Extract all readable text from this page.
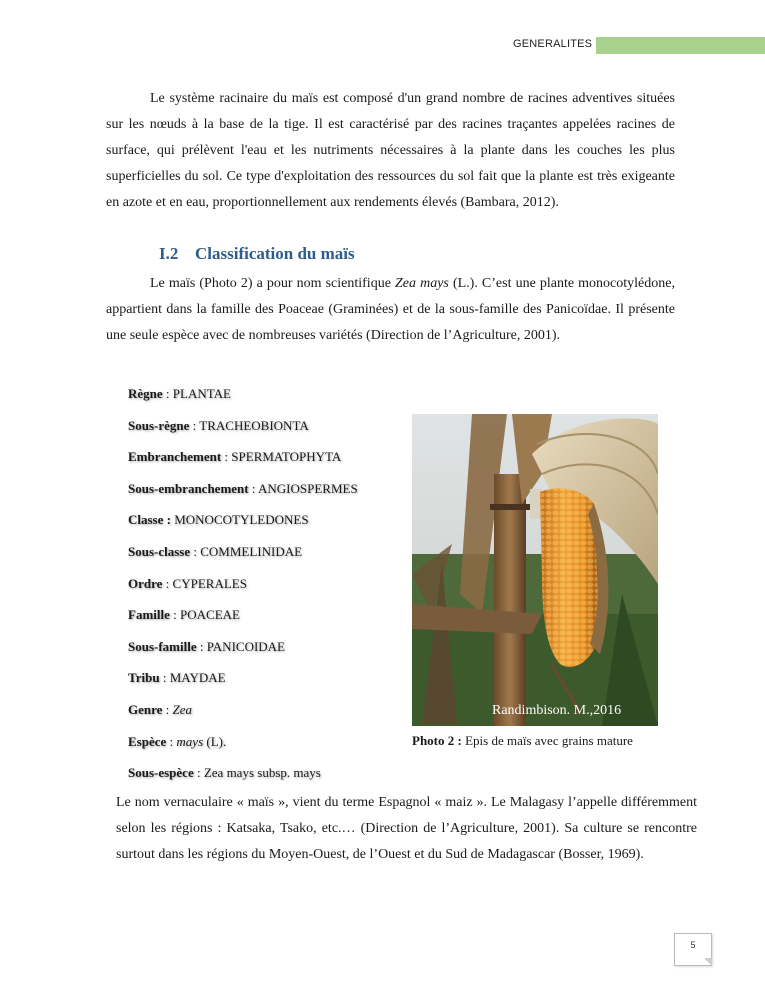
GENERALITES

Le système racinaire du maïs est composé d'un grand nombre de racines adventives situées sur les nœuds à la base de la tige. Il est caractérisé par des racines traçantes appelées racines de surface, qui prélèvent l'eau et les nutriments nécessaires à la plante dans les couches les plus superficielles du sol. Ce type d'exploitation des ressources du sol fait que la plante est très exigeante en azote et en eau, proportionnellement aux rendements élevés (Bambara, 2012).

I.2 Classification du maïs

Le maïs (Photo 2) a pour nom scientifique Zea mays (L.). C’est une plante monocotylédone, appartient dans la famille des Poaceae (Graminées) et de la sous-famille des Panicoïdae. Il présente une seule espèce avec de nombreuses variétés (Direction de l’Agriculture, 2001).

Règne : PLANTAE
Sous-règne : TRACHEOBIONTA
Embranchement : SPERMATOPHYTA
Sous-embranchement : ANGIOSPERMES
Classe : MONOCOTYLEDONES
Sous-classe : COMMELINIDAE
Ordre : CYPERALES
Famille : POACEAE
Sous-famille : PANICOIDAE
Tribu : MAYDAE
Genre : Zea
Espèce : mays (L).
Sous-espèce : Zea mays subsp. mays
Randimbison. M.,2016
Photo 2 : Epis de maïs avec grains mature

Le nom vernaculaire « maïs », vient du terme Espagnol « maiz ». Le Malagasy l’appelle différemment selon les régions : Katsaka, Tsako, etc.… (Direction de l’Agriculture, 2001). Sa culture se rencontre surtout dans les régions du Moyen-Ouest, de l’Ouest et du Sud de Madagascar (Bosser, 1969).

5
